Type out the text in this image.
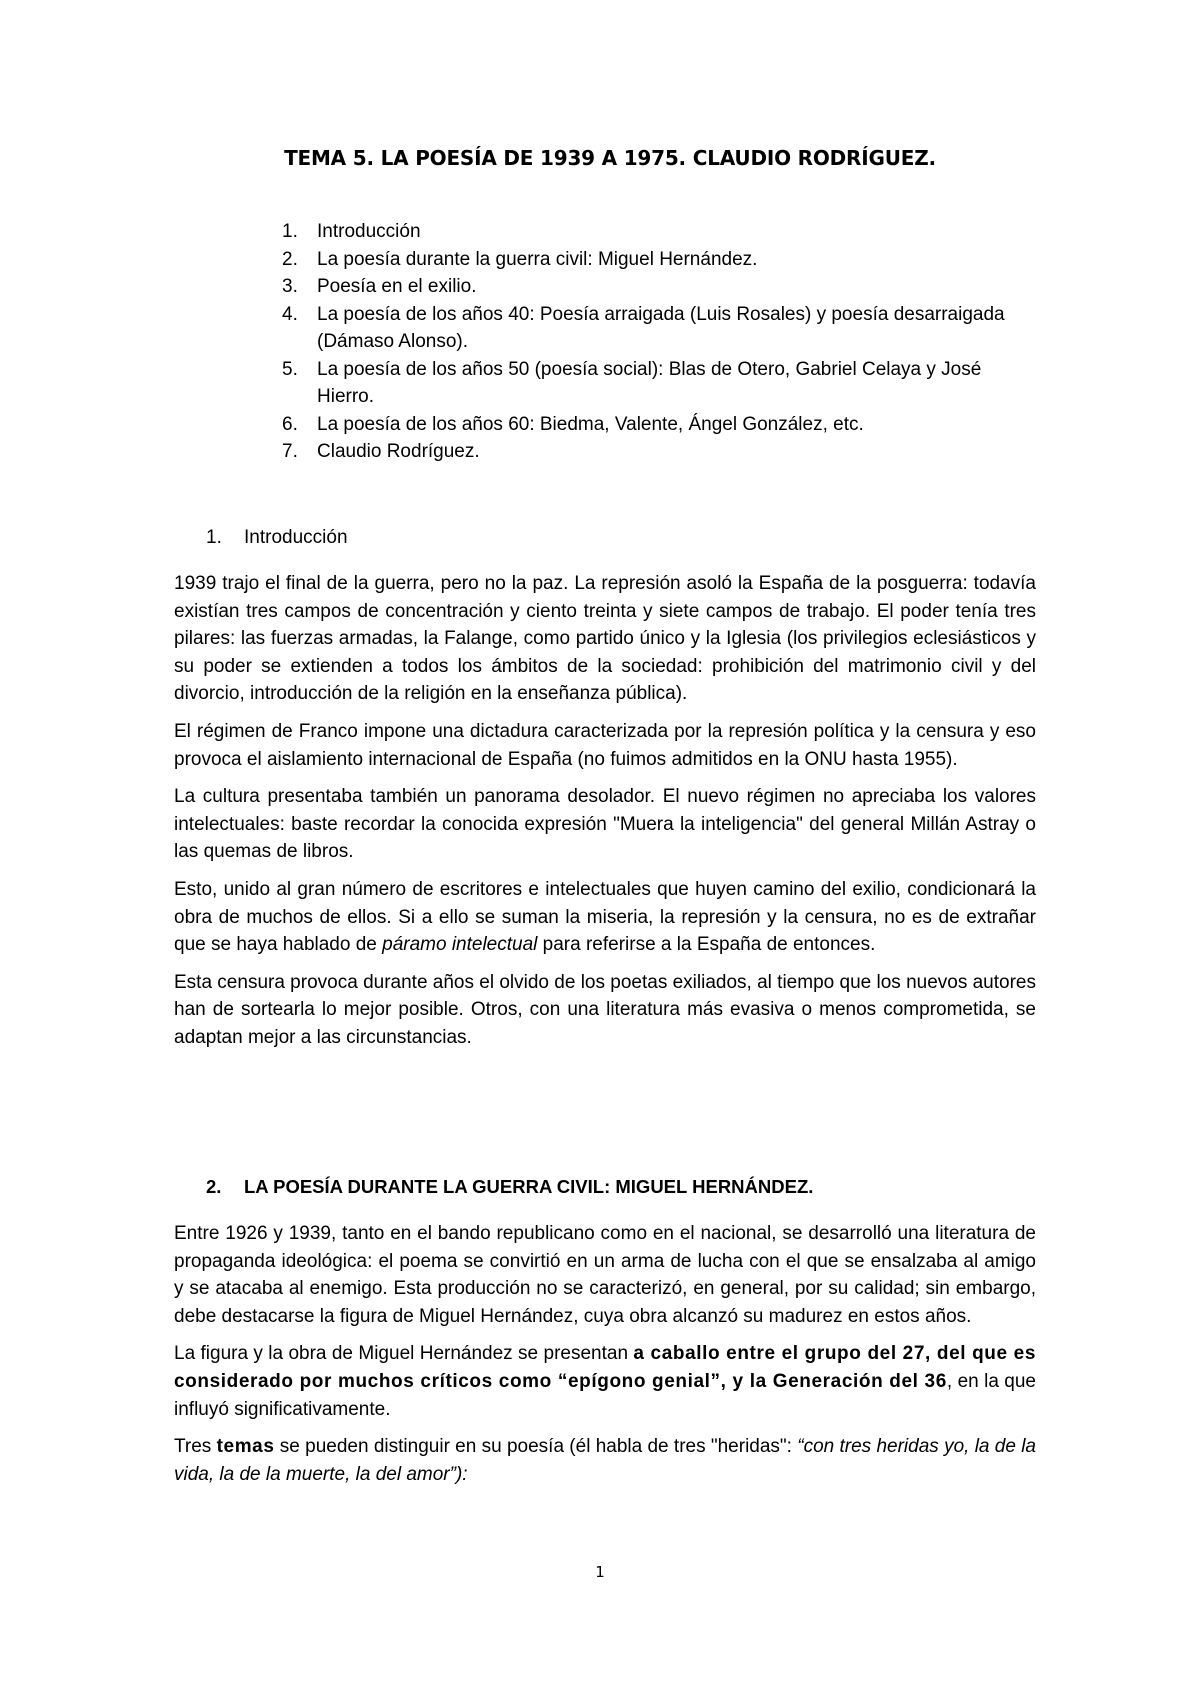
TEMA 5. LA POESÍA DE 1939 A 1975. CLAUDIO RODRÍGUEZ.
1. Introducción
2. La poesía durante la guerra civil: Miguel Hernández.
3. Poesía en el exilio.
4. La poesía de los años 40: Poesía arraigada (Luis Rosales) y poesía desarraigada (Dámaso Alonso).
5. La poesía de los años 50 (poesía social): Blas de Otero, Gabriel Celaya y José Hierro.
6. La poesía de los años 60: Biedma, Valente, Ángel González, etc.
7. Claudio Rodríguez.
1. Introducción

1939 trajo el final de la guerra, pero no la paz. La represión asoló la España de la posguerra: todavía existían tres campos de concentración y ciento treinta y siete campos de trabajo. El poder tenía tres pilares: las fuerzas armadas, la Falange, como partido único y la Iglesia (los privilegios eclesiásticos y su poder se extienden a todos los ámbitos de la sociedad: prohibición del matrimonio civil y del divorcio, introducción de la religión en la enseñanza pública).

El régimen de Franco impone una dictadura caracterizada por la represión política y la censura y eso provoca el aislamiento internacional de España (no fuimos admitidos en la ONU hasta 1955).

La cultura presentaba también un panorama desolador. El nuevo régimen no apreciaba los valores intelectuales: baste recordar la conocida expresión "Muera la inteligencia" del general Millán Astray o las quemas de libros.

Esto, unido al gran número de escritores e intelectuales que huyen camino del exilio, condicionará la obra de muchos de ellos. Si a ello se suman la miseria, la represión y la censura, no es de extrañar que se haya hablado de páramo intelectual para referirse a la España de entonces.

Esta censura provoca durante años el olvido de los poetas exiliados, al tiempo que los nuevos autores han de sortearla lo mejor posible. Otros, con una literatura más evasiva o menos comprometida, se adaptan mejor a las circunstancias.

2. LA POESÍA DURANTE LA GUERRA CIVIL: MIGUEL HERNÁNDEZ.

Entre 1926 y 1939, tanto en el bando republicano como en el nacional, se desarrolló una literatura de propaganda ideológica: el poema se convirtió en un arma de lucha con el que se ensalzaba al amigo y se atacaba al enemigo. Esta producción no se caracterizó, en general, por su calidad; sin embargo, debe destacarse la figura de Miguel Hernández, cuya obra alcanzó su madurez en estos años.

La figura y la obra de Miguel Hernández se presentan a caballo entre el grupo del 27, del que es considerado por muchos críticos como “epígono genial”, y la Generación del 36, en la que influyó significativamente.

Tres temas se pueden distinguir en su poesía (él habla de tres "heridas": “con tres heridas yo, la de la vida, la de la muerte, la del amor”):

1
